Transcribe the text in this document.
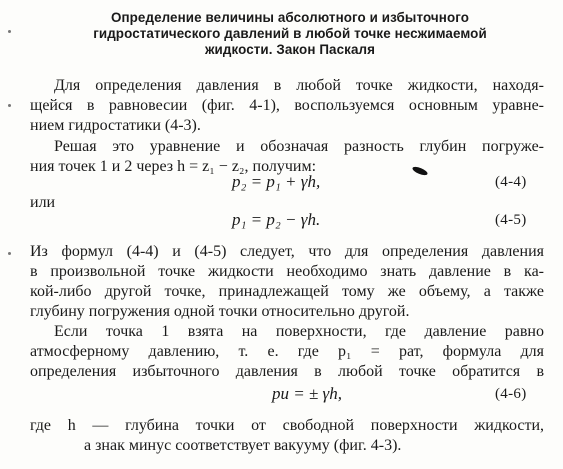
Определение величины абсолютного и избыточного
гидростатического давлений в любой точке несжимаемой
жидкости. Закон Паскаля
Для определения давления в любой точке жидкости, находя-
щейся в равновесии (фиг. 4-1), воспользуемся основным уравне-
нием гидростатики (4-3).
Решая это уравнение и обозначая разность глубин погруже-
ния точек 1 и 2 через h = z₁ − z₂, получим:
p₂ = p₁ + γh,	(4-4)
или
p₁ = p₂ − γh.	(4-5)
Из формул (4-4) и (4-5) следует, что для определения давления
в произвольной точке жидкости необходимо знать давление в ка-
кой-либо другой точке, принадлежащей тому же объему, а также
глубину погружения одной точки относительно другой.
Если точка 1 взята на поверхности, где давление равно
атмосферному давлению, т. е. где p₁ = pат, формула для
определения избыточного давления в любой точке обратится в
pи = ± γh,	(4-6)
где h — глубина точки от свободной поверхности жидкости,
а знак минус соответствует вакууму (фиг. 4-3).
